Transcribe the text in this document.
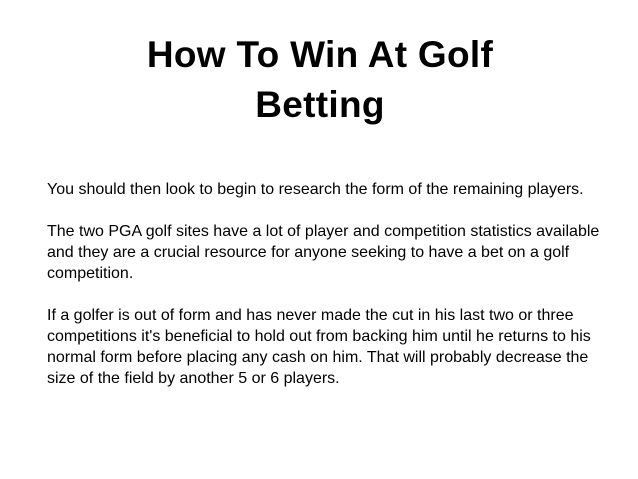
How To Win At Golf
Betting

You should then look to begin to research the form of the remaining players.

The two PGA golf sites have a lot of player and competition statistics available and they are a crucial resource for anyone seeking to have a bet on a golf competition.

If a golfer is out of form and has never made the cut in his last two or three competitions it's beneficial to hold out from backing him until he returns to his normal form before placing any cash on him. That will probably decrease the size of the field by another 5 or 6 players.
